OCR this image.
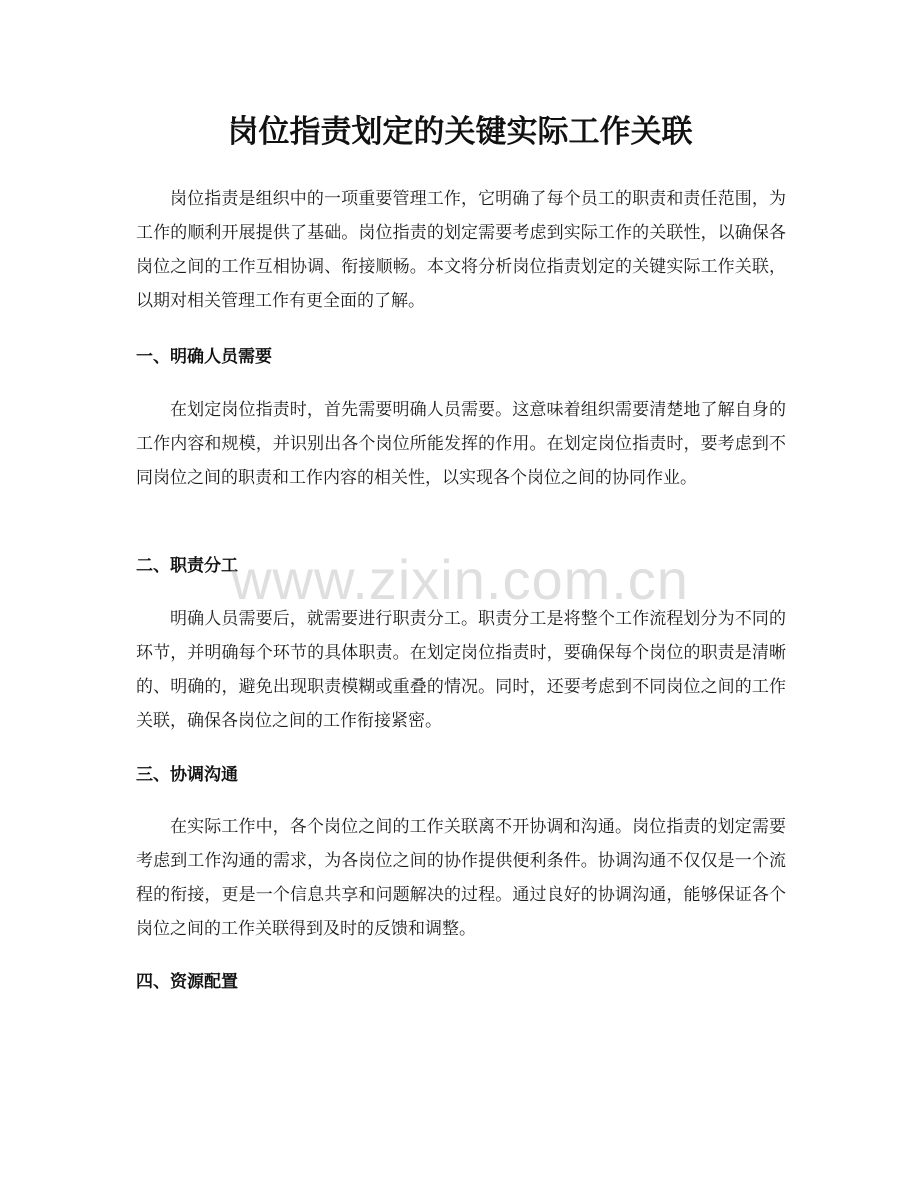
岗位指责划定的关键实际工作关联

岗位指责是组织中的一项重要管理工作，它明确了每个员工的职责和责任范围，为工作的顺利开展提供了基础。岗位指责的划定需要考虑到实际工作的关联性，以确保各岗位之间的工作互相协调、衔接顺畅。本文将分析岗位指责划定的关键实际工作关联，以期对相关管理工作有更全面的了解。

一、明确人员需要

在划定岗位指责时，首先需要明确人员需要。这意味着组织需要清楚地了解自身的工作内容和规模，并识别出各个岗位所能发挥的作用。在划定岗位指责时，要考虑到不同岗位之间的职责和工作内容的相关性，以实现各个岗位之间的协同作业。

二、职责分工

明确人员需要后，就需要进行职责分工。职责分工是将整个工作流程划分为不同的环节，并明确每个环节的具体职责。在划定岗位指责时，要确保每个岗位的职责是清晰的、明确的，避免出现职责模糊或重叠的情况。同时，还要考虑到不同岗位之间的工作关联，确保各岗位之间的工作衔接紧密。

三、协调沟通

在实际工作中，各个岗位之间的工作关联离不开协调和沟通。岗位指责的划定需要考虑到工作沟通的需求，为各岗位之间的协作提供便利条件。协调沟通不仅仅是一个流程的衔接，更是一个信息共享和问题解决的过程。通过良好的协调沟通，能够保证各个岗位之间的工作关联得到及时的反馈和调整。

四、资源配置
www.zixin.com.cn
